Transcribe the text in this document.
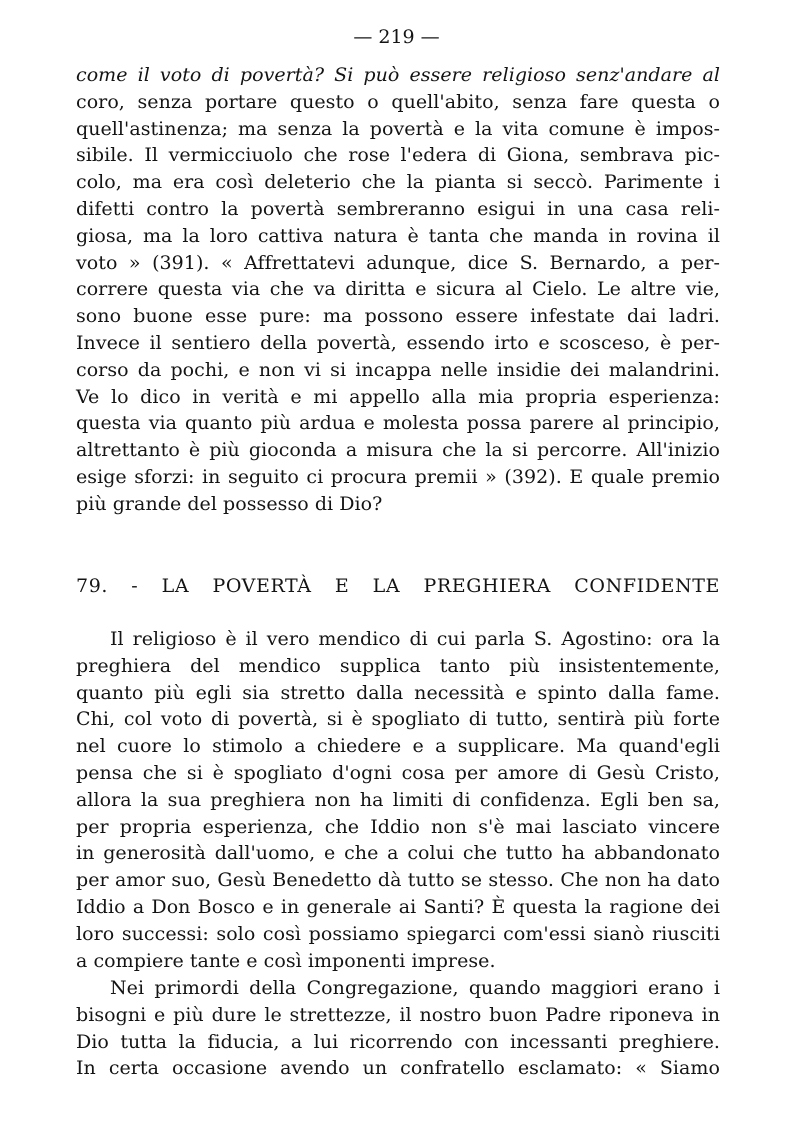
— 219 —
come il voto di povertà? Si può essere religioso senz'andare al
coro, senza portare questo o quell'abito, senza fare questa o
quell'astinenza; ma senza la povertà e la vita comune è impos-
sibile. Il vermicciuolo che rose l'edera di Giona, sembrava pic-
colo, ma era così deleterio che la pianta si seccò. Parimente i
difetti contro la povertà sembreranno esigui in una casa reli-
giosa, ma la loro cattiva natura è tanta che manda in rovina il
voto » (391). « Affrettatevi adunque, dice S. Bernardo, a per-
correre questa via che va diritta e sicura al Cielo. Le altre vie,
sono buone esse pure: ma possono essere infestate dai ladri.
Invece il sentiero della povertà, essendo irto e scosceso, è per-
corso da pochi, e non vi si incappa nelle insidie dei malandrini.
Ve lo dico in verità e mi appello alla mia propria esperienza:
questa via quanto più ardua e molesta possa parere al principio,
altrettanto è più gioconda a misura che la si percorre. All'inizio
esige sforzi: in seguito ci procura premii » (392). E quale premio
più grande del possesso di Dio?
79. - LA POVERTÀ E LA PREGHIERA CONFIDENTE
Il religioso è il vero mendico di cui parla S. Agostino: ora la
preghiera del mendico supplica tanto più insistentemente,
quanto più egli sia stretto dalla necessità e spinto dalla fame.
Chi, col voto di povertà, si è spogliato di tutto, sentirà più forte
nel cuore lo stimolo a chiedere e a supplicare. Ma quand'egli
pensa che si è spogliato d'ogni cosa per amore di Gesù Cristo,
allora la sua preghiera non ha limiti di confidenza. Egli ben sa,
per propria esperienza, che Iddio non s'è mai lasciato vincere
in generosità dall'uomo, e che a colui che tutto ha abbandonato
per amor suo, Gesù Benedetto dà tutto se stesso. Che non ha dato
Iddio a Don Bosco e in generale ai Santi? È questa la ragione dei
loro successi: solo così possiamo spiegarci com'essi sianò riusciti
a compiere tante e così imponenti imprese.
Nei primordi della Congregazione, quando maggiori erano i
bisogni e più dure le strettezze, il nostro buon Padre riponeva in
Dio tutta la fiducia, a lui ricorrendo con incessanti preghiere.
In certa occasione avendo un confratello esclamato: « Siamo
